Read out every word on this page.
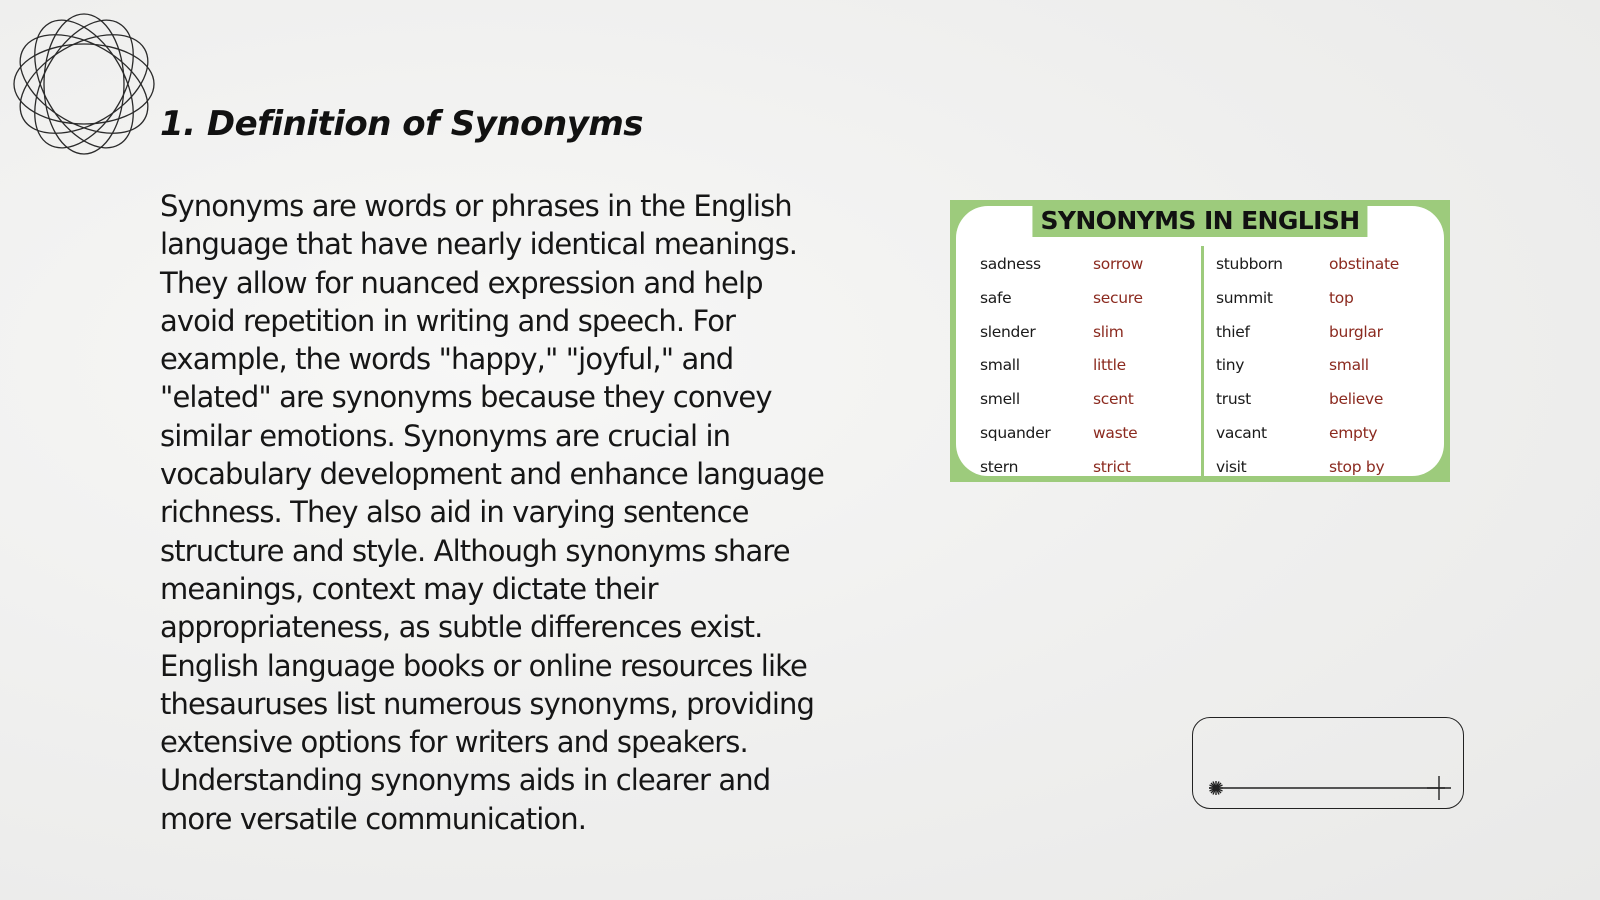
1. Definition of Synonyms

Synonyms are words or phrases in the English language that have nearly identical meanings. They allow for nuanced expression and help avoid repetition in writing and speech. For example, the words "happy," "joyful," and "elated" are synonyms because they convey similar emotions. Synonyms are crucial in vocabulary development and enhance language richness. They also aid in varying sentence structure and style. Although synonyms share meanings, context may dictate their appropriateness, as subtle differences exist. English language books or online resources like thesauruses list numerous synonyms, providing extensive options for writers and speakers. Understanding synonyms aids in clearer and more versatile communication.

SYNONYMS IN ENGLISH
sadness	sorrow
safe	secure
slender	slim
small	little
smell	scent
squander	waste
stern	strict
stubborn	obstinate
summit	top
thief	burglar
tiny	small
trust	believe
vacant	empty
visit	stop by
